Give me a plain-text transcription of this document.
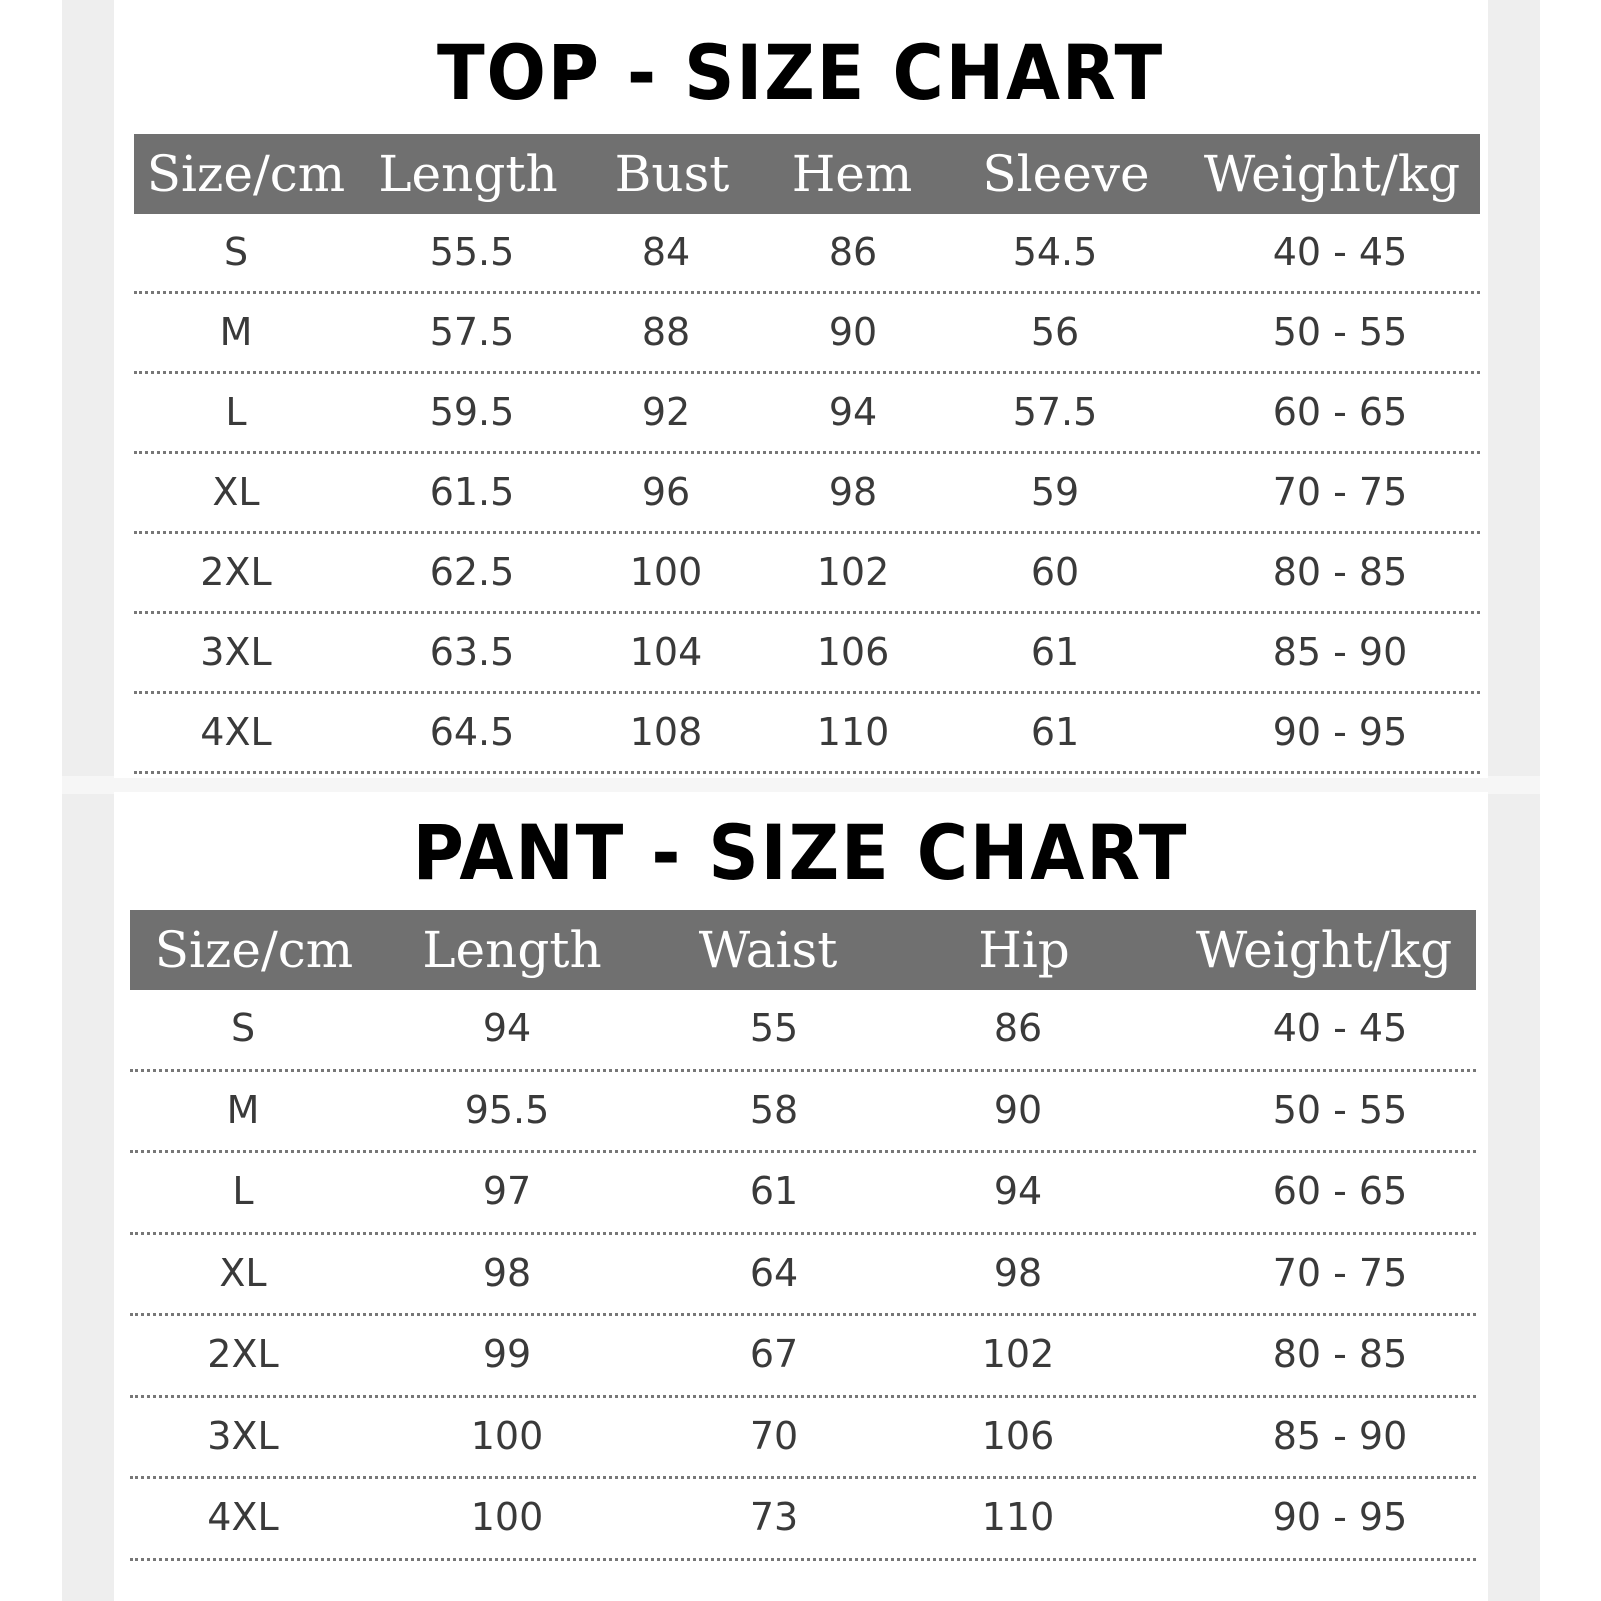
TOP - SIZE CHART
Size/cm Length	Bust	Hem	Sleeve	Weight/kg
S	55.5	84	86	54.5	40 - 45
M	57.5	88	90	56	50 - 55
L	59.5	92	94	57.5	60 - 65
XL	61.5	96	98	59	70 - 75
2XL	62.5	100	102	60	80 - 85
3XL	63.5	104	106	61	85 - 90
4XL	64.5	108	110	61	90 - 95
PANT - SIZE CHART
Size/cm	Length	Waist	Hip	Weight/kg
S	94	55	86	40 - 45
M	95.5	58	90	50 - 55
L	97	61	94	60 - 65
XL	98	64	98	70 - 75
2XL	99	67	102	80 - 85
3XL	100	70	106	85 - 90
4XL	100	73	110	90 - 95
